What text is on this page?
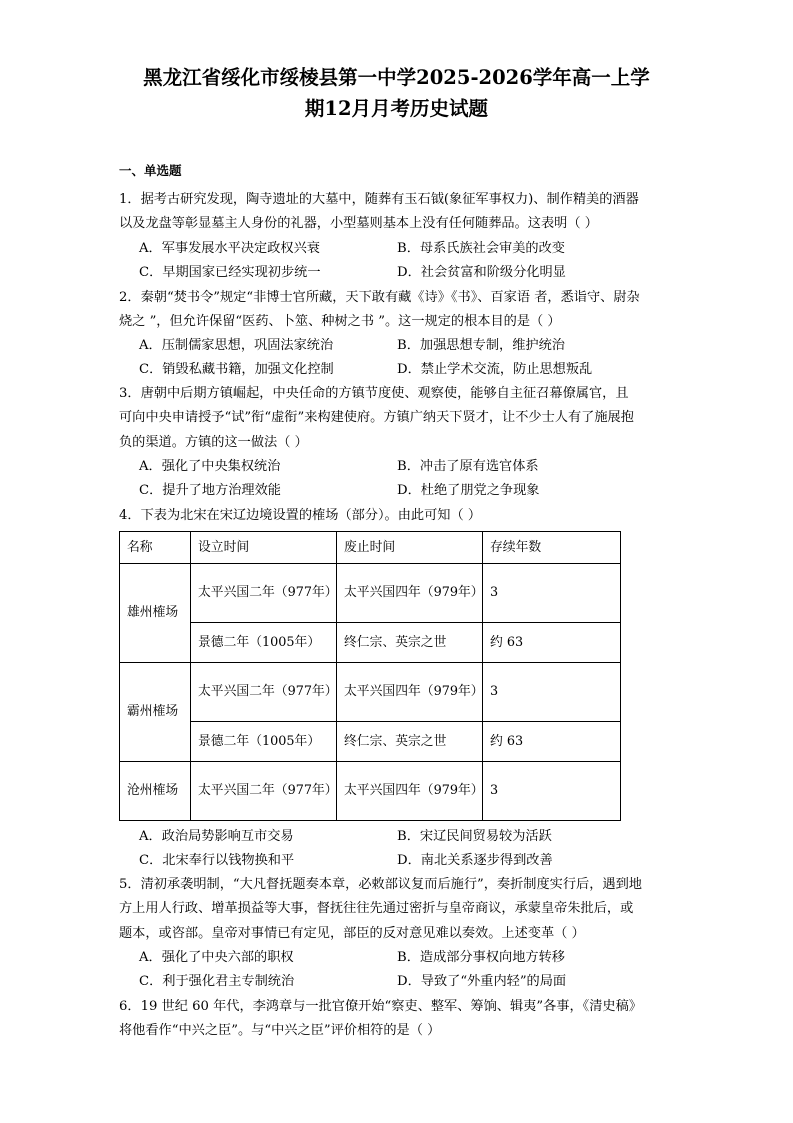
黑龙江省绥化市绥棱县第一中学2025-2026学年高一上学
期12月月考历史试题
一、单选题

1．据考古研究发现，陶寺遗址的大墓中，随葬有玉石钺(象征军事权力)、制作精美的酒器
以及龙盘等彰显墓主人身份的礼器，小型墓则基本上没有任何随葬品。这表明（ ）

A．军事发展水平决定政权兴衰	B．母系氏族社会审美的改变
C．早期国家已经实现初步统一	D．社会贫富和阶级分化明显

2．秦朝“焚书令”规定“非博士官所藏，天下敢有藏《诗》《书》、百家语 者，悉诣守、尉杂
烧之 ”，但允许保留“医药、卜筮、种树之书 ”。这一规定的根本目的是（ ）

A．压制儒家思想，巩固法家统治	B．加强思想专制，维护统治
C．销毁私藏书籍，加强文化控制	D．禁止学术交流，防止思想叛乱

3．唐朝中后期方镇崛起，中央任命的方镇节度使、观察使，能够自主征召幕僚属官，且
可向中央申请授予“试”衔“虚衔”来构建使府。方镇广纳天下贤才，让不少士人有了施展抱
负的渠道。方镇的这一做法（ ）

A．强化了中央集权统治	B．冲击了原有选官体系
C．提升了地方治理效能	D．杜绝了朋党之争现象

4．下表为北宋在宋辽边境设置的榷场（部分）。由此可知（ ）

名称	设立时间	废止时间	存续年数
雄州榷场	太平兴国二年（977年）	太平兴国四年（979年）	3
	景德二年（1005年）	终仁宗、英宗之世	约 63
霸州榷场	太平兴国二年（977年）	太平兴国四年（979年）	3
	景德二年（1005年）	终仁宗、英宗之世	约 63
沧州榷场	太平兴国二年（977年）	太平兴国四年（979年）	3
A．政治局势影响互市交易	B．宋辽民间贸易较为活跃
C．北宋奉行以钱物换和平	D．南北关系逐步得到改善

5．清初承袭明制，“大凡督抚题奏本章，必敕部议复而后施行”，奏折制度实行后，遇到地
方上用人行政、增革损益等大事，督抚往往先通过密折与皇帝商议，承蒙皇帝朱批后，或
题本，或咨部。皇帝对事情已有定见，部臣的反对意见难以奏效。上述变革（ ）

A．强化了中央六部的职权	B．造成部分事权向地方转移
C．利于强化君主专制统治	D．导致了“外重内轻”的局面

6．19 世纪 60 年代，李鸿章与一批官僚开始“察吏、整军、筹饷、辑夷”各事，《清史稿》
将他看作“中兴之臣”。与“中兴之臣”评价相符的是（ ）
